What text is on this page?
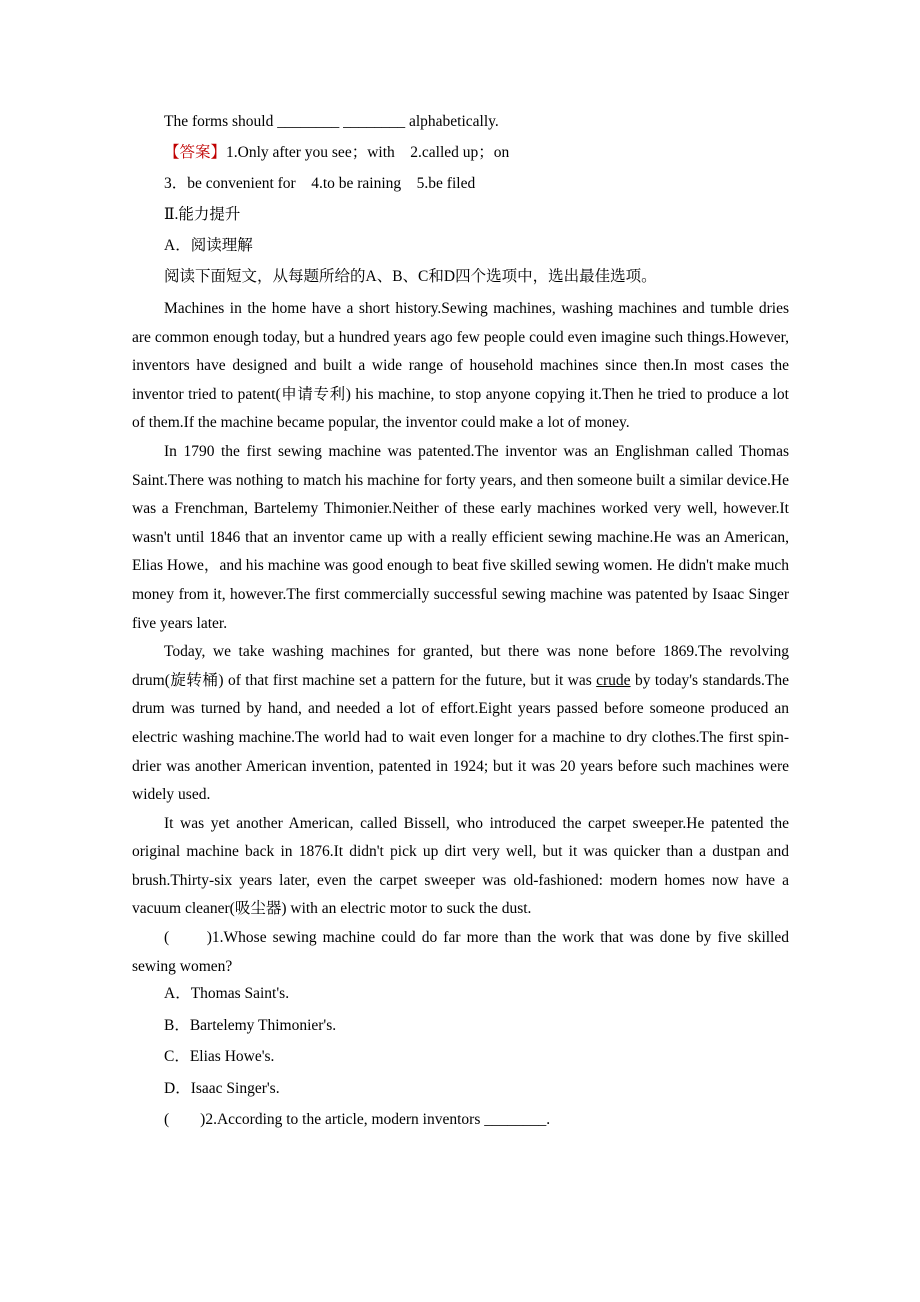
The forms should ________ ________ alphabetically.
【答案】1.Only after you see；with　2.called up；on
3．be convenient for　4.to be raining　5.be filed
Ⅱ.能力提升
A．阅读理解
阅读下面短文，从每题所给的A、B、C和D四个选项中，选出最佳选项。

Machines in the home have a short history.Sewing machines, washing machines and tumble dries are common enough today, but a hundred years ago few people could even imagine such things.However, inventors have designed and built a wide range of household machines since then.In most cases the inventor tried to patent(申请专利) his machine, to stop anyone copying it.Then he tried to produce a lot of them.If the machine became popular, the inventor could make a lot of money.

In 1790 the first sewing machine was patented.The inventor was an Englishman called Thomas Saint.There was nothing to match his machine for forty years, and then someone built a similar device.He was a Frenchman, Bartelemy Thimonier.Neither of these early machines worked very well, however.It wasn't until 1846 that an inventor came up with a really efficient sewing machine.He was an American, Elias Howe，and his machine was good enough to beat five skilled sewing women. He didn't make much money from it, however.The first commercially successful sewing machine was patented by Isaac Singer five years later.

Today, we take washing machines for granted, but there was none before 1869.The revolving drum(旋转桶) of that first machine set a pattern for the future, but it was crude by today's standards.The drum was turned by hand, and needed a lot of effort.Eight years passed before someone produced an electric washing machine.The world had to wait even longer for a machine to dry clothes.The first spin-drier was another American invention, patented in 1924; but it was 20 years before such machines were widely used.

It was yet another American, called Bissell, who introduced the carpet sweeper.He patented the original machine back in 1876.It didn't pick up dirt very well, but it was quicker than a dustpan and brush.Thirty-six years later, even the carpet sweeper was old-fashioned: modern homes now have a vacuum cleaner(吸尘器) with an electric motor to suck the dust.

(　　)1.Whose sewing machine could do far more than the work that was done by five skilled sewing women?

A．Thomas Saint's.
B．Bartelemy Thimonier's.
C．Elias Howe's.
D．Isaac Singer's.
(　　)2.According to the article, modern inventors ________.
